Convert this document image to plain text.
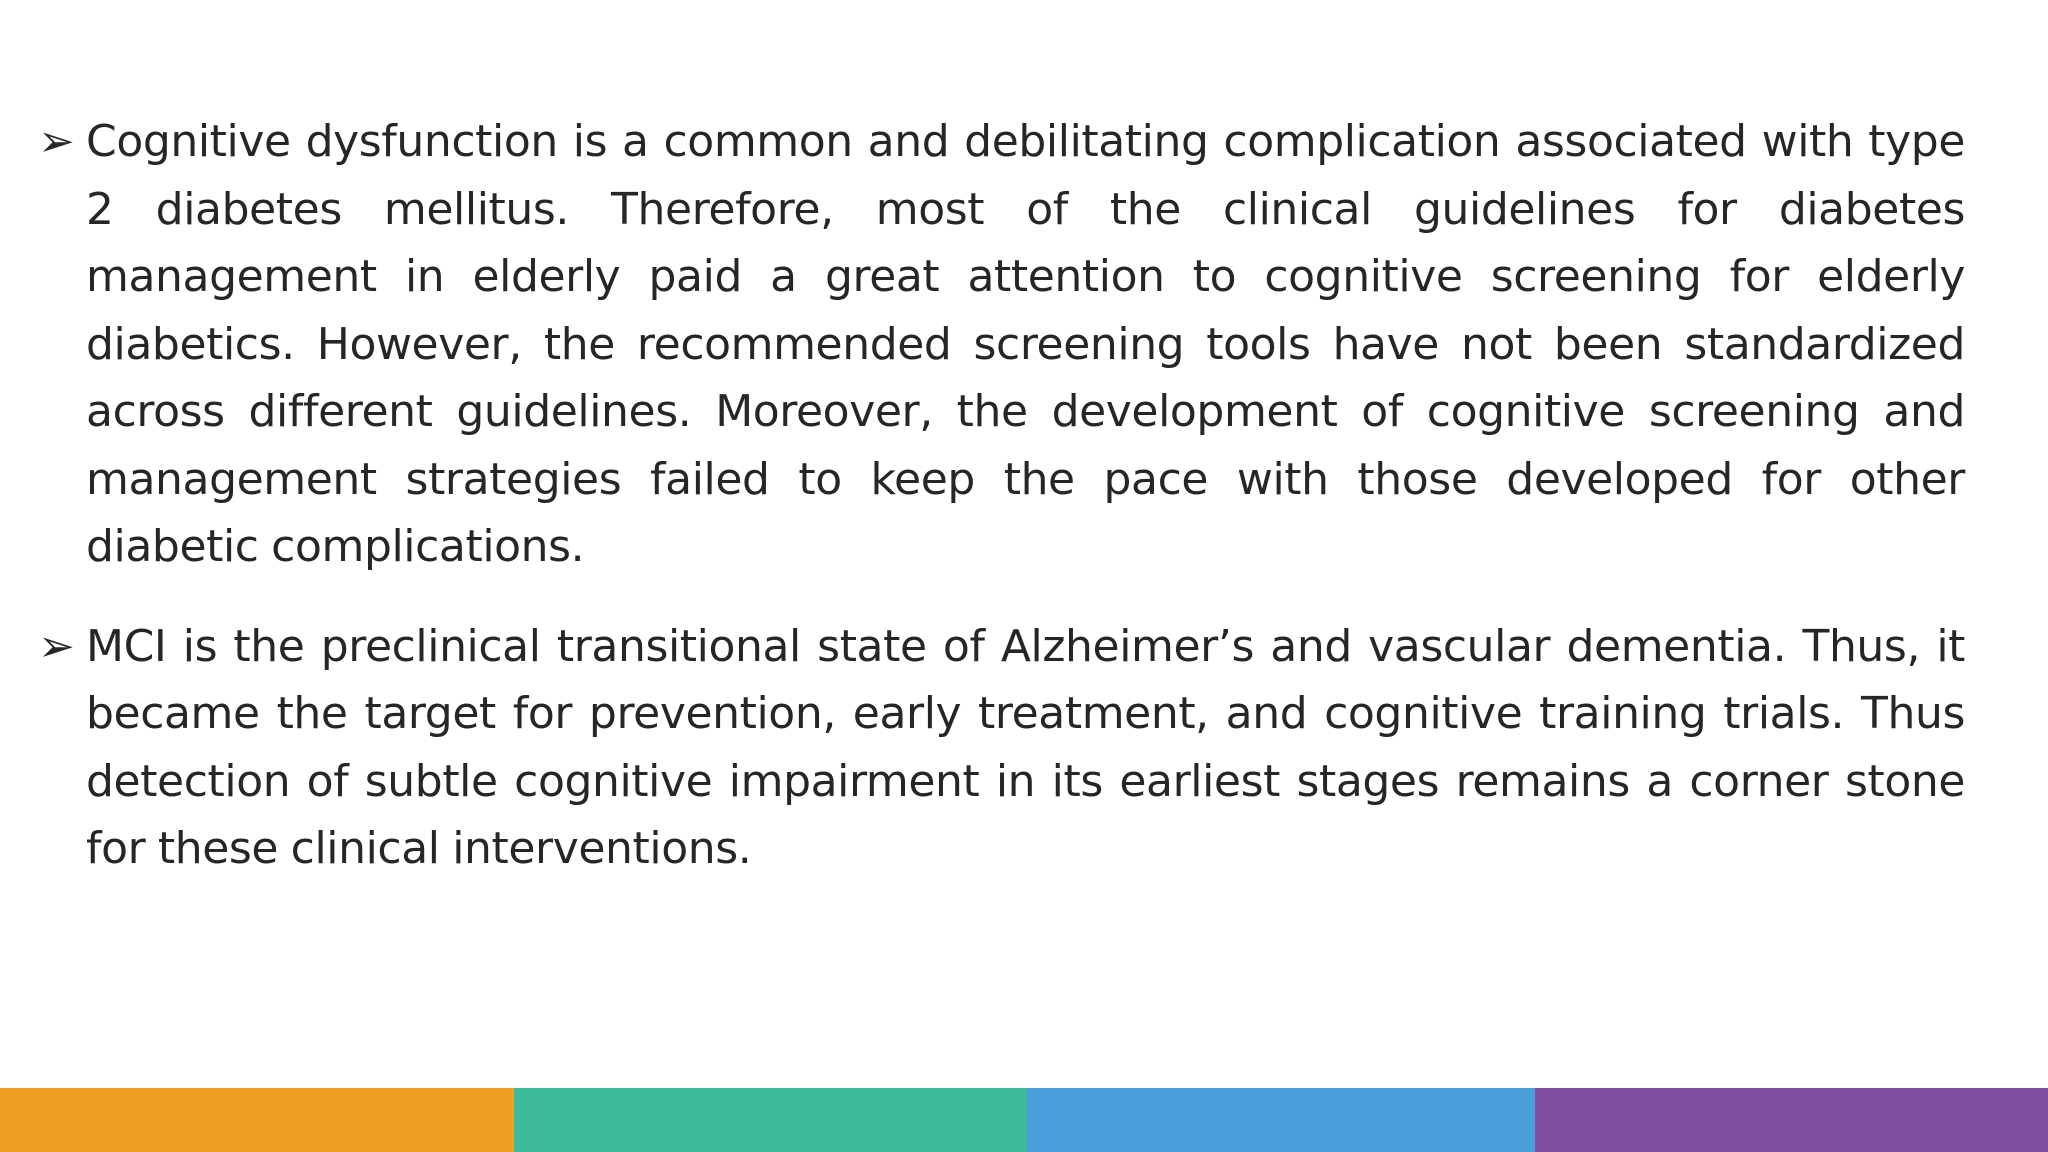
➢ Cognitive dysfunction is a common and debilitating complication associated with type 2 diabetes mellitus. Therefore, most of the clinical guidelines for diabetes management in elderly paid a great attention to cognitive screening for elderly diabetics. However, the recommended screening tools have not been standardized across different guidelines. Moreover, the development of cognitive screening and management strategies failed to keep the pace with those developed for other diabetic complications.

➢ MCI is the preclinical transitional state of Alzheimer’s and vascular dementia. Thus, it became the target for prevention, early treatment, and cognitive training trials. Thus detection of subtle cognitive impairment in its earliest stages remains a corner stone for these clinical interventions.
